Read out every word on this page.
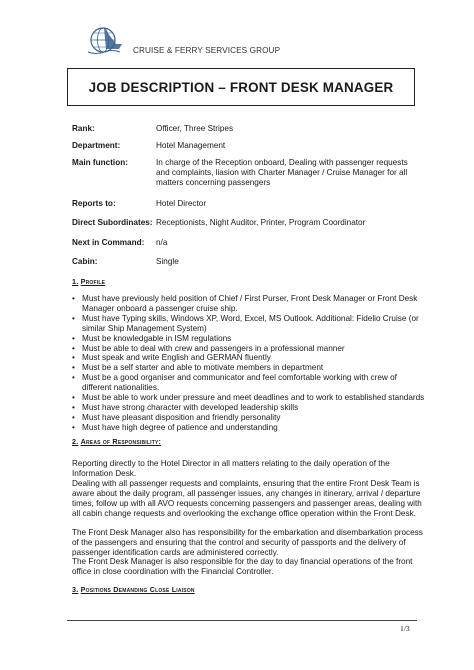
CRUISE & FERRY SERVICES GROUP
JOB DESCRIPTION – FRONT DESK MANAGER
Rank:	Officer, Three Stripes
Department:	Hotel Management
Main function:	In charge of the Reception onboard, Dealing with passenger requests and complaints, liasion with Charter Manager / Cruise Manager for all matters concerning passengers
Reports to:	Hotel Director
Direct Subordinates: Receptionists, Night Auditor, Printer, Program Coordinator
Next in Command: n/a
Cabin:	Single
1. Profile
• Must have previously held position of Chief / First Purser, Front Desk Manager or Front Desk Manager onboard a passenger cruise ship.
• Must have Typing skills, Windows XP, Word, Excel, MS Outlook. Additional: Fidelio Cruise (or similar Ship Management System)
• Must be knowledgable in ISM regulations
• Must be able to deal with crew and passengers in a professional manner
• Must speak and write English and GERMAN fluently
• Must be a self starter and able to motivate members in department
• Must be a good organiser and communicator and feel comfortable working with crew of different nationalities.
• Must be able to work under pressure and meet deadlines and to work to established standards
• Must have strong character with developed leadership skills
• Must have pleasant disposition and friendly personality
• Must have high degree of patience and understanding
2. Areas of Responsibility:

Reporting directly to the Hotel Director in all matters relating to the daily operation of the Information Desk.

Dealing with all passenger requests and complaints, ensuring that the entire Front Desk Team is aware about the daily program, all passenger issues, any changes in itinerary, arrival / departure times, follow up with all AVO requests concerning passengers and passenger areas, dealing with all cabin change requests and overlooking the exchange office operation within the Front Desk.

The Front Desk Manager also has responsibility for the embarkation and disembarkation process of the passengers and ensuring that the control and security of passports and the delivery of passenger identification cards are administered correctly.

The Front Desk Manager is also responsible for the day to day financial operations of the front office in close coordination with the Financial Controller.

3. Positions Demanding Close Liaison
1/3
